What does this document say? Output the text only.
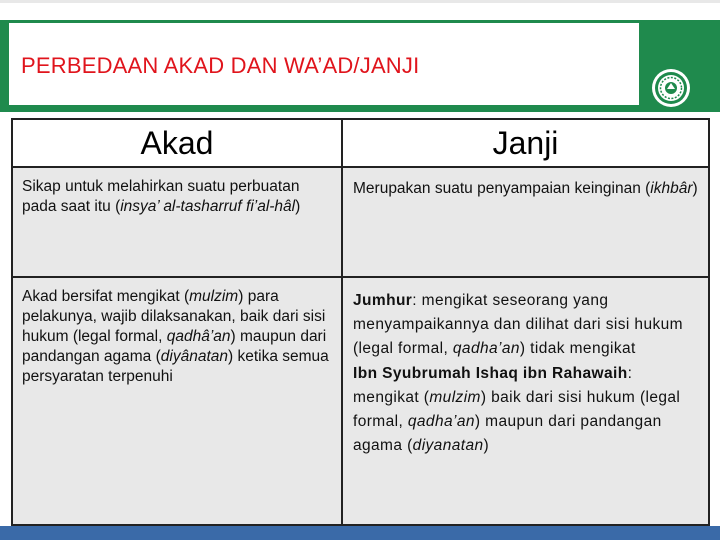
PERBEDAAN AKAD DAN WA’AD/JANJI
Akad	Janji

Sikap untuk melahirkan suatu perbuatan pada saat itu (insya’ al-tasharruf fi’al-hâl)	Merupakan suatu penyampaian keinginan (ikhbâr)

Akad bersifat mengikat (mulzim) para pelakunya, wajib dilaksanakan, baik dari sisi hukum (legal formal, qadhâ’an) maupun dari pandangan agama (diyânatan) ketika semua persyaratan terpenuhi	Jumhur: mengikat seseorang yang menyampaikannya dan dilihat dari sisi hukum (legal formal, qadha’an) tidak mengikat

Ibn Syubrumah Ishaq ibn Rahawaih: mengikat (mulzim) baik dari sisi hukum (legal formal, qadha’an) maupun dari pandangan agama (diyanatan)
